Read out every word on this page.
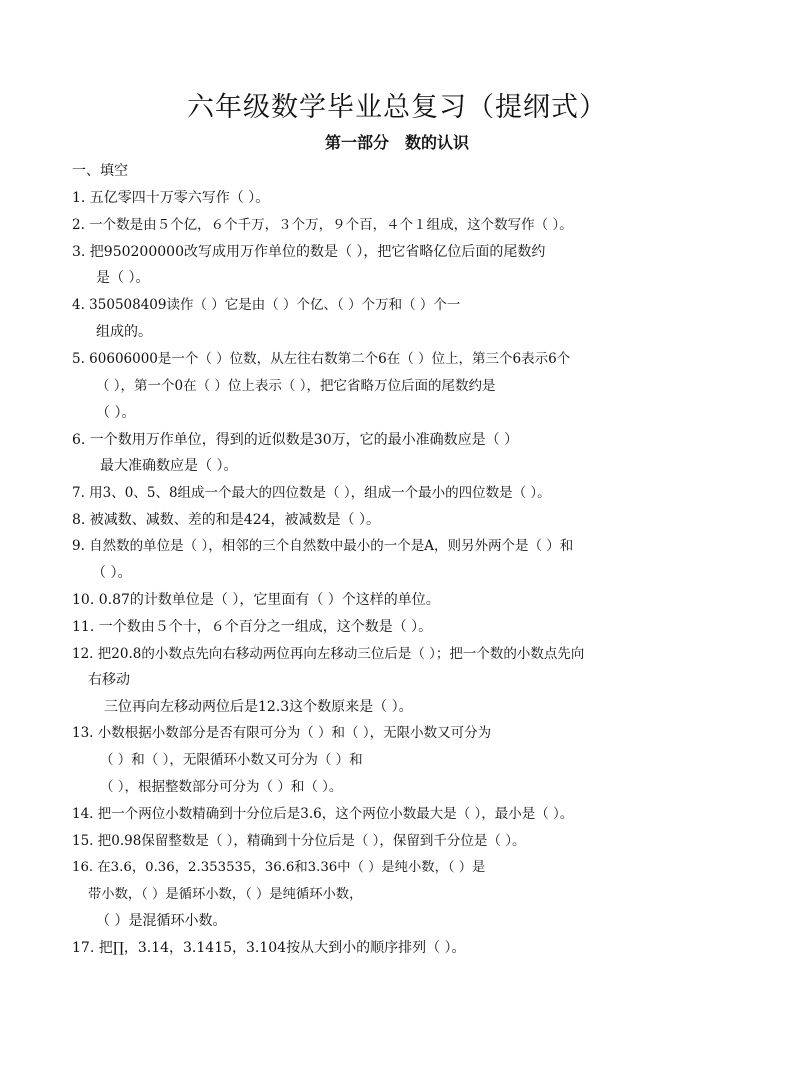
六年级数学毕业总复习（提纲式）
第一部分　数的认识
一、填空
1. 五亿零四十万零六写作（ ）。
2. 一个数是由５个亿，６个千万，３个万，９个百，４个１组成，这个数写作（ ）。
3. 把950200000改写成用万作单位的数是（ ），把它省略亿位后面的尾数约
是（ ）。
4. 350508409读作（ ）它是由（ ）个亿、（ ）个万和（ ）个一
组成的。
5. 60606000是一个（ ）位数，从左往右数第二个6在（ ）位上，第三个6表示6个
（ ），第一个0在（ ）位上表示（ ），把它省略万位后面的尾数约是
（ ）。
6. 一个数用万作单位，得到的近似数是30万，它的最小准确数应是（ ）
最大准确数应是（ ）。
7. 用3、0、5、8组成一个最大的四位数是（ ），组成一个最小的四位数是（ ）。
8. 被减数、减数、差的和是424，被减数是（ ）。
9. 自然数的单位是（ ），相邻的三个自然数中最小的一个是A，则另外两个是（ ）和
（ ）。
10. 0.87的计数单位是（ ），它里面有（ ）个这样的单位。
11. 一个数由５个十，６个百分之一组成，这个数是（ ）。
12. 把20.8的小数点先向右移动两位再向左移动三位后是（ ）；把一个数的小数点先向
右移动
三位再向左移动两位后是12.3这个数原来是（ ）。
13. 小数根据小数部分是否有限可分为（ ）和（ ），无限小数又可分为
（ ）和（ ），无限循环小数又可分为（ ）和
（ ），根据整数部分可分为（ ）和（ ）。
14. 把一个两位小数精确到十分位后是3.6，这个两位小数最大是（ ），最小是（ ）。
15. 把0.98保留整数是（ ），精确到十分位后是（ ），保留到千分位是（ ）。
16. 在3.6，0.36，2.353535，36.6和3.36中（ ）是纯小数，（ ）是
带小数，（ ）是循环小数，（ ）是纯循环小数，
（ ）是混循环小数。
17. 把∏，3.14，3.1415，3.104按从大到小的顺序排列（ ）。
